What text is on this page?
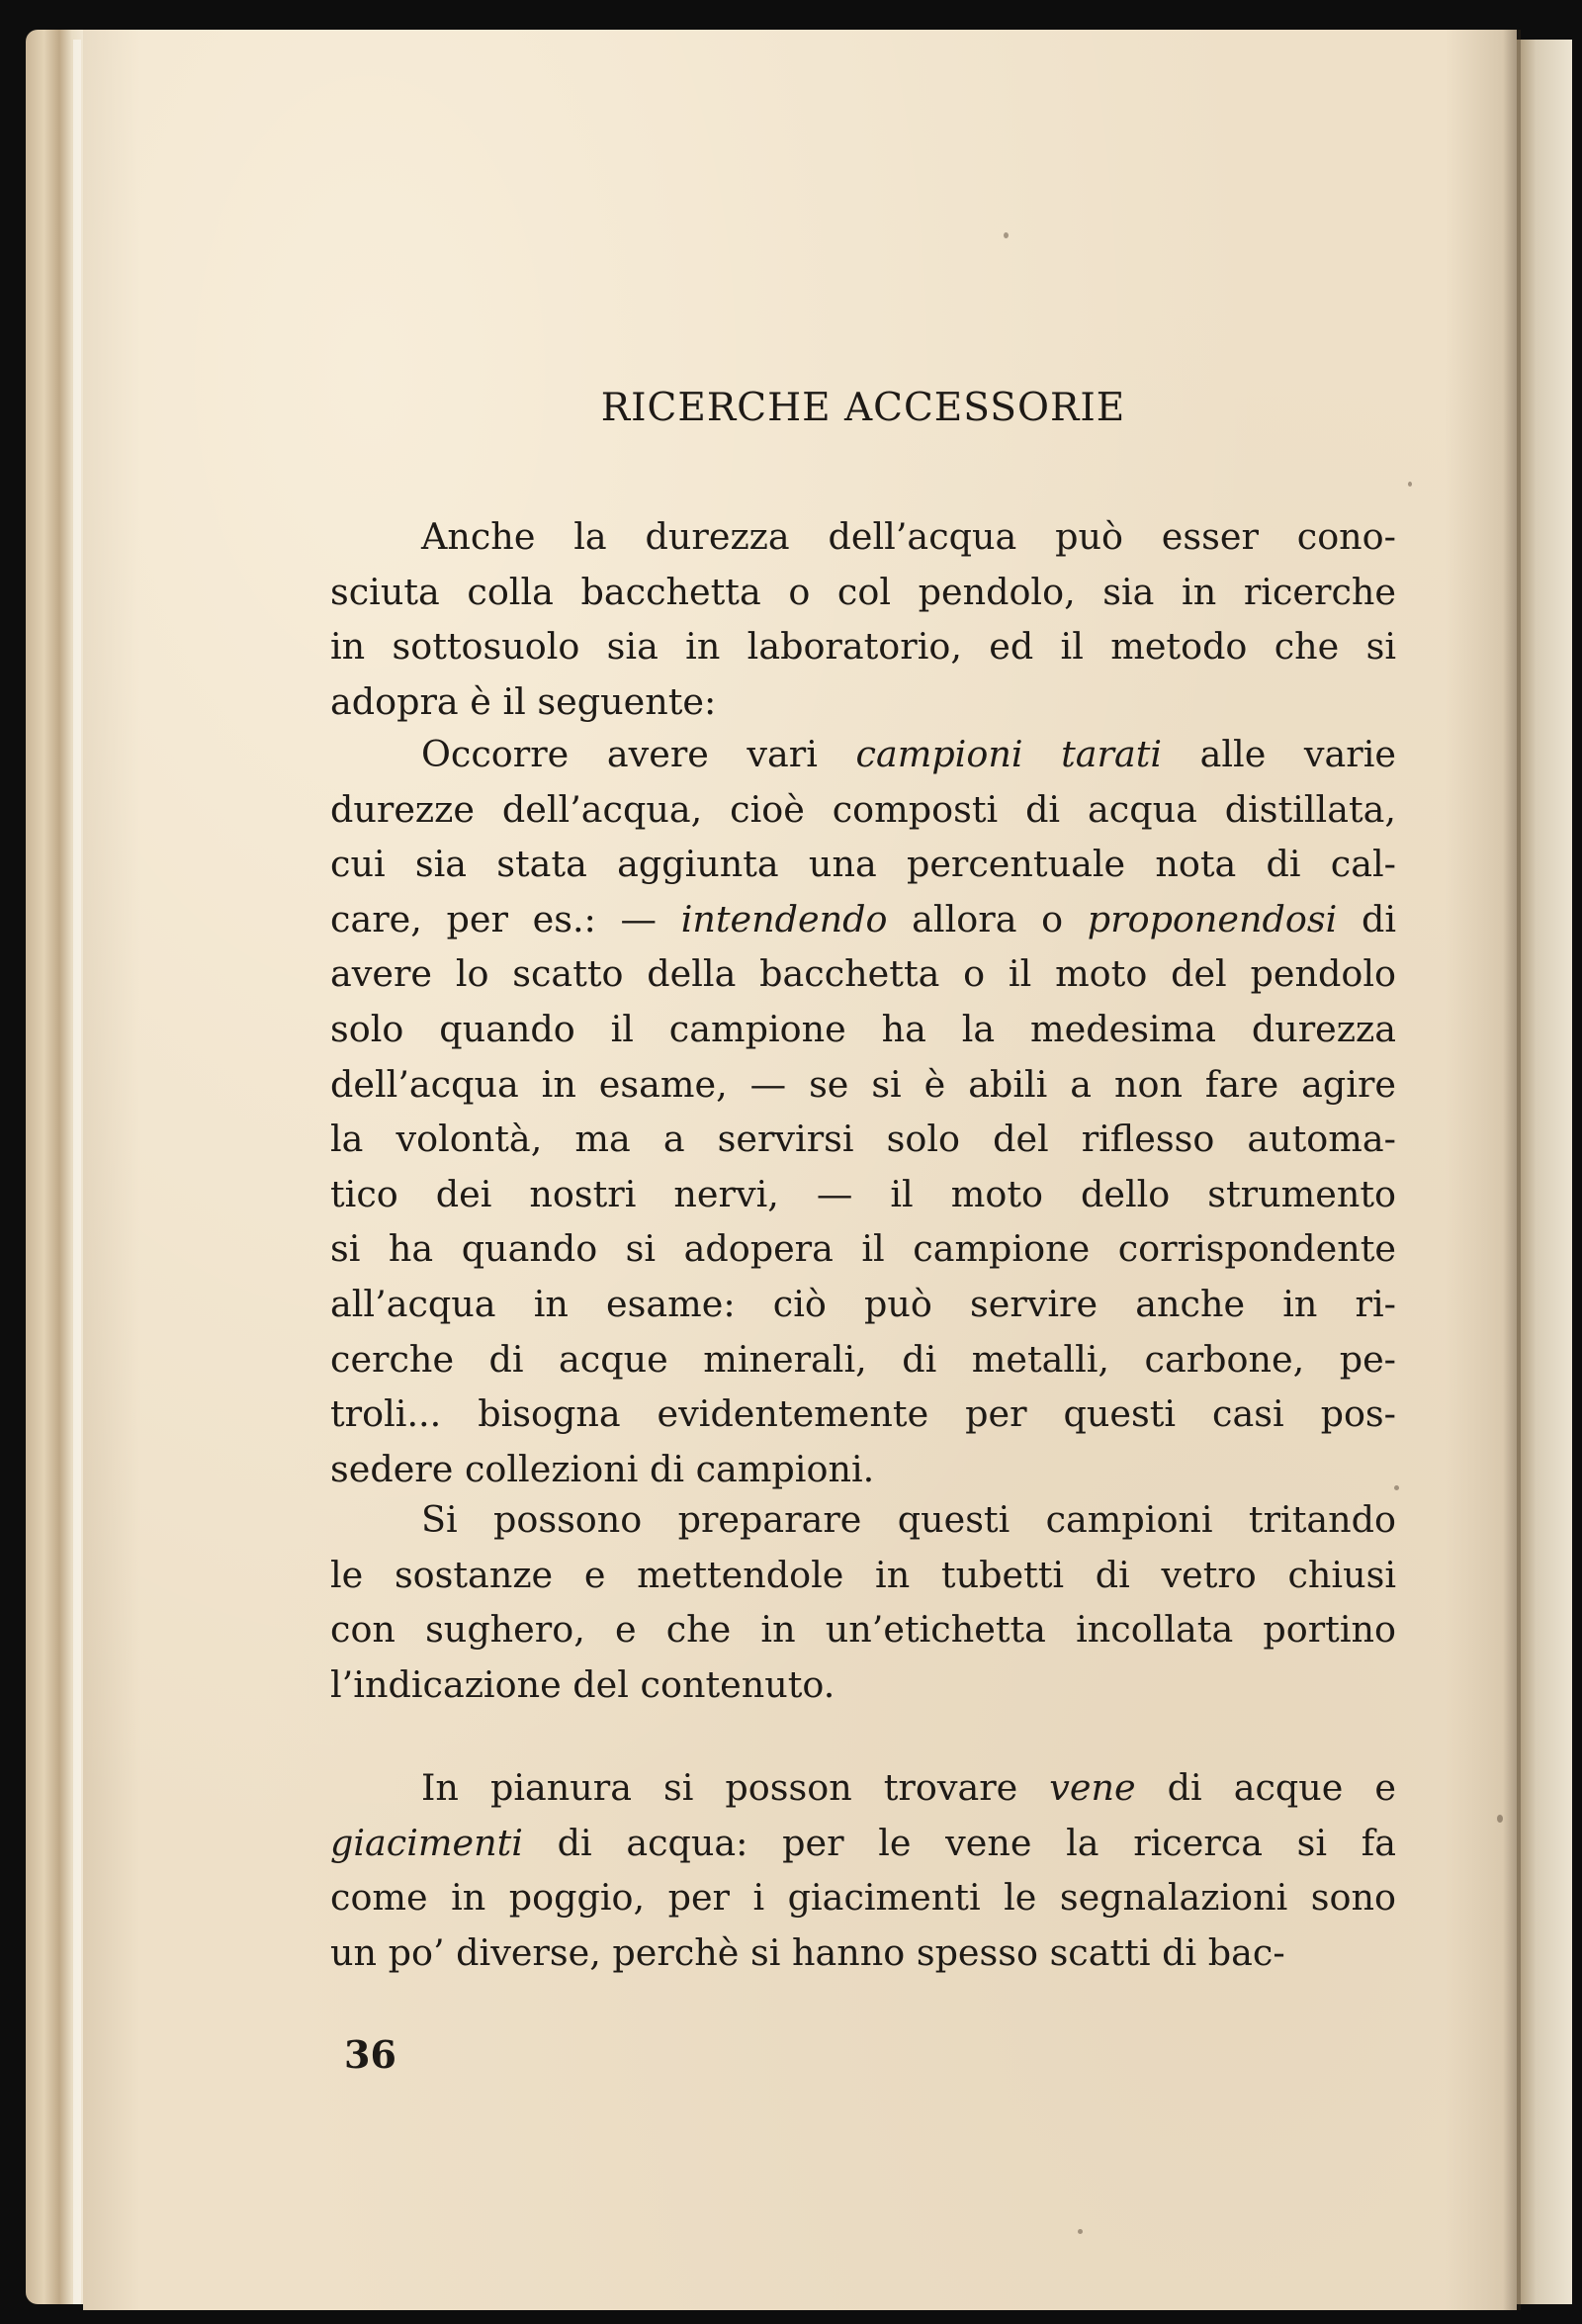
RICERCHE ACCESSORIE
Anche la durezza dell’acqua può esser cono-
sciuta colla bacchetta o col pendolo, sia in ricerche
in sottosuolo sia in laboratorio, ed il metodo che si
adopra è il seguente:
Occorre avere vari campioni tarati alle varie
durezze dell’acqua, cioè composti di acqua distillata,
cui sia stata aggiunta una percentuale nota di cal-
care, per es.: — intendendo allora o proponendosi di
avere lo scatto della bacchetta o il moto del pendolo
solo quando il campione ha la medesima durezza
dell’acqua in esame, — se si è abili a non fare agire
la volontà, ma a servirsi solo del riflesso automa-
tico dei nostri nervi, — il moto dello strumento
si ha quando si adopera il campione corrispondente
all’acqua in esame: ciò può servire anche in ri-
cerche di acque minerali, di metalli, carbone, pe-
troli... bisogna evidentemente per questi casi pos-
sedere collezioni di campioni.
Si possono preparare questi campioni tritando
le sostanze e mettendole in tubetti di vetro chiusi
con sughero, e che in un’etichetta incollata portino
l’indicazione del contenuto.
In pianura si posson trovare vene di acque e
giacimenti di acqua: per le vene la ricerca si fa
come in poggio, per i giacimenti le segnalazioni sono
un po’ diverse, perchè si hanno spesso scatti di bac-
36
